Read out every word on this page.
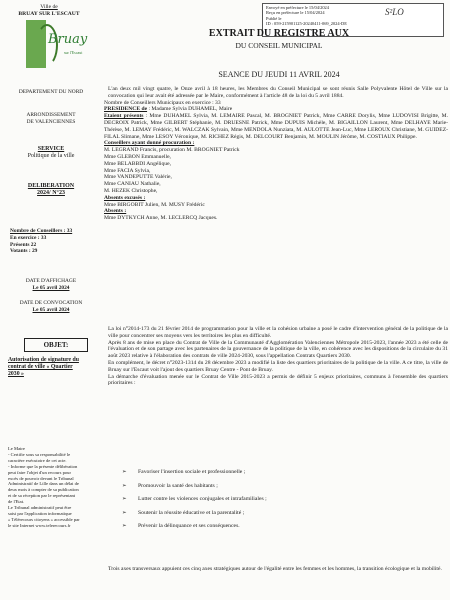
Ville de
BRUAY SUR L'ESCAUT
Bruay
sur l'Escaut
Envoyé en préfecture le 15/04/2024
Reçu en préfecture le 15/04/2024
Publié le
ID : 059-215901125-20240411-069_2024-DE
S²LO
EXTRAIT DU REGISTRE AUX
DU CONSEIL MUNICIPAL
SEANCE DU JEUDI 11 AVRIL 2024
DEPARTEMENT DU NORD
ARRONDISSEMENT
DE VALENCIENNES
SERVICE
Politique de la ville
DELIBERATION
2024/ N°23
Nombre de Conseillers : 33
En exercice : 33
Présents 22
Votants : 29
DATE D'AFFICHAGE
Le 05 avril 2024
DATE DE CONVOCATION
Le 05 avril 2024
OBJET:
Autorisation de signature du
contrat de ville « Quartier
2030 »
Le Maire
- Certifie sous sa responsabilité le
caractère exécutoire de cet acte.
- Informe que la présente délibération
peut faire l'objet d'un recours pour
excès de pouvoir devant le Tribunal
Administratif de Lille dans un délai de
deux mois à compter de sa publication
et de sa réception par le représentant
de l'Etat.
Le Tribunal administratif peut être
saisi par l'application informatique
« Télérecours citoyens » accessible par
le site Internet www.telerecours.fr
L'an deux mil vingt quatre, le Onze avril à 18 heures, les Membres du Conseil Municipal se sont réunis Salle Polyvalente Hôtel de Ville sur la convocation qui leur avait été adressée par le Maire, conformément à l'article 48 de la loi du 5 avril 1884.
Nombre de Conseillers Municipaux en exercice : 33
PRESIDENCE de : Madame Sylvia DUHAMEL, Maire
Etaient présents : Mme DUHAMEL Sylvia, M. LEMAIRE Pascal, M. BROGNIET Patrick, Mme CARRE Dorylis, Mme LUDOVISI Brigitte, M. DECROIX Patrick, Mme GILBERT Stéphanie, M. DRUESNE Patrick, Mme DUPUIS Michèle, M. BIGAILLON Laurent, Mme DELHAYE Marie-Thérèse, M. LEMAY Frédéric, M. WALCZAK Sylvain, Mme MENDOLA Nunziata, M. AULOTTE Jean-Luc, Mme LEROUX Christiane, M. GUIDEZ-FILAL Slimane, Mme LESOY Véronique, M. RICHEZ Régis, M. DELCOURT Benjamin, M. MOULIN Jérôme, M. COSTIAUX Philippe.
Conseillers ayant donné procuration :
M. LEGRAND Francis, procuration M. BROGNIET Patrick
Mme GLEBON Emmanuelle,
Mme BELABBDI Angélique,
Mme FACIA Sylvia,
Mme VANDEPUTTE Valérie,
Mme CANIAU Nathalie,
M. HEZEK Christophe,
Absents excusés :
Mme BIRGOBIT Julien, M. MUSY Frédéric
Absents :
Mme DYTKYCH Anne, M. LECLERCQ Jacques.
La loi n°2014-173 du 21 février 2014 de programmation pour la ville et la cohésion urbaine a posé le cadre d'intervention général de la politique de la ville pour concentrer ses moyens vers les territoires les plus en difficulté.
Après 8 ans de mise en place du Contrat de Ville de la Communauté d'Agglomération Valenciennes Métropole 2015-2023, l'année 2023 a été celle de l'évaluation et de son partage avec les partenaires de la gouvernance de la politique de la ville, en cohérence avec les dispositions de la circulaire du 31 août 2023 relative à l'élaboration des contrats de ville 2024-2030, sous l'appellation Contrats Quartiers 2030.
En complément, le décret n°2023-1314 du 28 décembre 2023 a modifié la liste des quartiers prioritaires de la politique de la ville. A ce titre, la ville de Bruay sur l'Escaut voit l'ajout des quartiers Bruay Centre - Pont de Bruay.
La démarche d'évaluation menée sur le Contrat de Ville 2015-2023 a permis de définir 5 enjeux prioritaires, communs à l'ensemble des quartiers prioritaires :
➢ Favoriser l'insertion sociale et professionnelle ;
➢ Promouvoir la santé des habitants ;
➢ Lutter contre les violences conjugales et intrafamiliales ;
➢ Soutenir la réussite éducative et la parentalité ;
➢ Prévenir la délinquance et ses conséquences.
Trois axes transversaux appuient ces cinq axes stratégiques autour de l'égalité entre les femmes et les hommes, la transition écologique et la mobilité.
